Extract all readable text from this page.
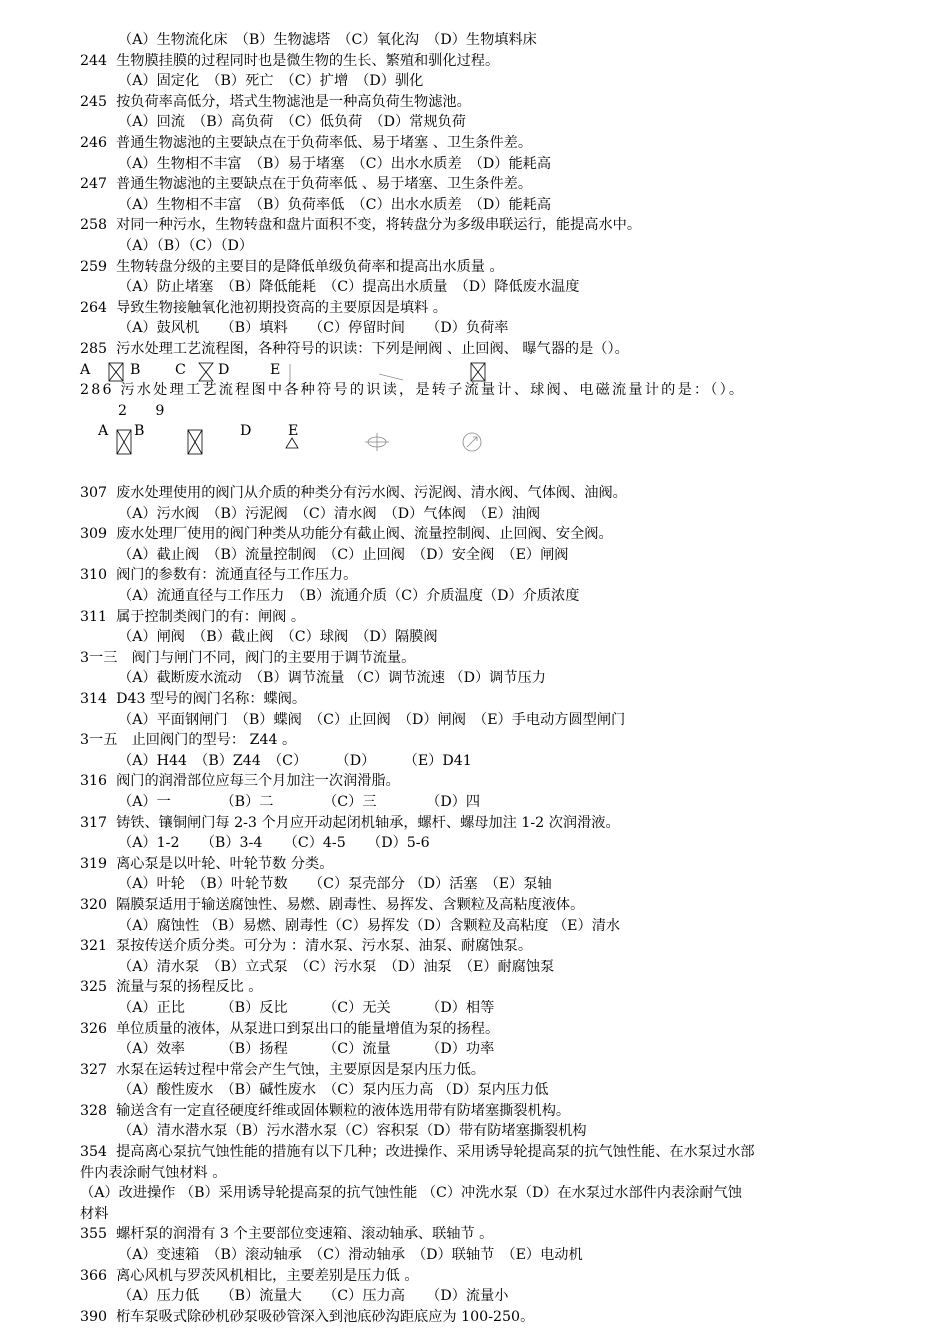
（A）生物流化床　（B）生物滤塔　（C）氧化沟　（D）生物填料床
244  生物膜挂膜的过程同时也是微生物的生长、繁殖和驯化过程。
（A）固定化　（B）死亡　（C）扩增　（D）驯化
245  按负荷率高低分，塔式生物滤池是一种高负荷生物滤池。
（A）回流　（B）高负荷　（C）低负荷　（D）常规负荷
246  普通生物滤池的主要缺点在于负荷率低、易于堵塞 、卫生条件差。
（A）生物相不丰富　（B）易于堵塞　（C）出水水质差　（D）能耗高
247  普通生物滤池的主要缺点在于负荷率低 、易于堵塞、卫生条件差。
（A）生物相不丰富　（B）负荷率低　（C）出水水质差　（D）能耗高
258  对同一种污水，生物转盘和盘片面积不变，将转盘分为多级串联运行，能提高水中。
（A）（B）（C）（D）
259  生物转盘分级的主要目的是降低单级负荷率和提高出水质量 。
（A）防止堵塞　（B）降低能耗　（C）提高出水质量　（D）降低废水温度
264  导致生物接触氧化池初期投资高的主要原因是填料 。
（A）鼓风机　　（B）填料　　（C）停留时间　　（D）负荷率
285  污水处理工艺流程图，各种符号的识读：下列是闸阀 、止回阀、 曝气器的是（）。
A	B C D	E
286 污水处理工艺流程图中各种符号的识读，是转子流量计、球阀、电磁流量计的是：（）。
2　　9
A B	D	E
307  废水处理使用的阀门从介质的种类分有污水阀、污泥阀、清水阀、气体阀、油阀。
（A）污水阀　（B）污泥阀　（C）清水阀　（D）气体阀　（E）油阀
309  废水处理厂使用的阀门种类从功能分有截止阀、流量控制阀、止回阀、安全阀。
（A）截止阀　（B）流量控制阀　（C）止回阀　（D）安全阀　（E）闸阀
310  阀门的参数有：流通直径与工作压力。
（A）流通直径与工作压力　（B）流通介质（C）介质温度（D）介质浓度
311  属于控制类阀门的有：闸阀 。
（A）闸阀　（B）截止阀　（C）球阀　（D）隔膜阀
3一三　阀门与闸门不同，阀门的主要用于调节流量。
（A）截断废水流动　（B）调节流量 （C）调节流速 （D）调节压力
314  D43 型号的阀门名称：蝶阀。
（A）平面钢闸门　（B）蝶阀　（C）止回阀　（D）闸阀　（E）手电动方圆型闸门
3一五　止回阀门的型号： Z44 。
（A）H44　（B）Z44　（C）　　　（D）　　　（E）D41
316  阀门的润滑部位应每三个月加注一次润滑脂。
（A）一　　　　（B）二　　　　（C）三　　　　（D）四
317  铸铁、镶铜闸门每 2-3 个月应开动起闭机轴承，螺杆、螺母加注 1-2 次润滑液。
（A）1-2　　（B）3-4　　（C）4-5　　（D）5-6
319  离心泵是以叶轮、叶轮节数 分类。
（A）叶轮　（B）叶轮节数　　（C）泵壳部分 （D）活塞　（E）泵轴
320  隔膜泵适用于输送腐蚀性、易燃、剧毒性、易挥发、含颗粒及高粘度液体。
（A）腐蚀性 （B）易燃、剧毒性（C）易挥发（D）含颗粒及高粘度 （E）清水
321  泵按传送介质分类。可分为 ：清水泵、污水泵、油泵、耐腐蚀泵。
（A）清水泵　（B）立式泵　（C）污水泵　（D）油泵　（E）耐腐蚀泵
325  流量与泵的扬程反比 。
（A）正比　　　（B）反比　　　（C）无关　　　（D）相等
326  单位质量的液体，从泵进口到泵出口的能量增值为泵的扬程。
（A）效率　　　（B）扬程　　　（C）流量　　　（D）功率
327  水泵在运转过程中常会产生气蚀，主要原因是泵内压力低。
（A）酸性废水　（B）碱性废水　（C）泵内压力高 （D）泵内压力低
328  输送含有一定直径硬度纤维或固体颗粒的液体选用带有防堵塞撕裂机构。
（A）清水潜水泵（B）污水潜水泵（C）容积泵（D）带有防堵塞撕裂机构
354  提高离心泵抗气蚀性能的措施有以下几种；改进操作、采用诱导轮提高泵的抗气蚀性能、在水泵过水部
件内表涂耐气蚀材料 。
（A）改进操作 （B）采用诱导轮提高泵的抗气蚀性能 （C）冲洗水泵（D）在水泵过水部件内表涂耐气蚀
材料
355  螺杆泵的润滑有 3 个主要部位变速箱、滚动轴承、联轴节 。
（A）变速箱　（B）滚动轴承　（C）滑动轴承　（D）联轴节　（E）电动机
366  离心风机与罗茨风机相比，主要差别是压力低 。
（A）压力低　　（B）流量大　　（C）压力高　　（D）流量小
390  桁车泵吸式除砂机砂泵吸砂管深入到池底砂沟距底应为 100-250。
